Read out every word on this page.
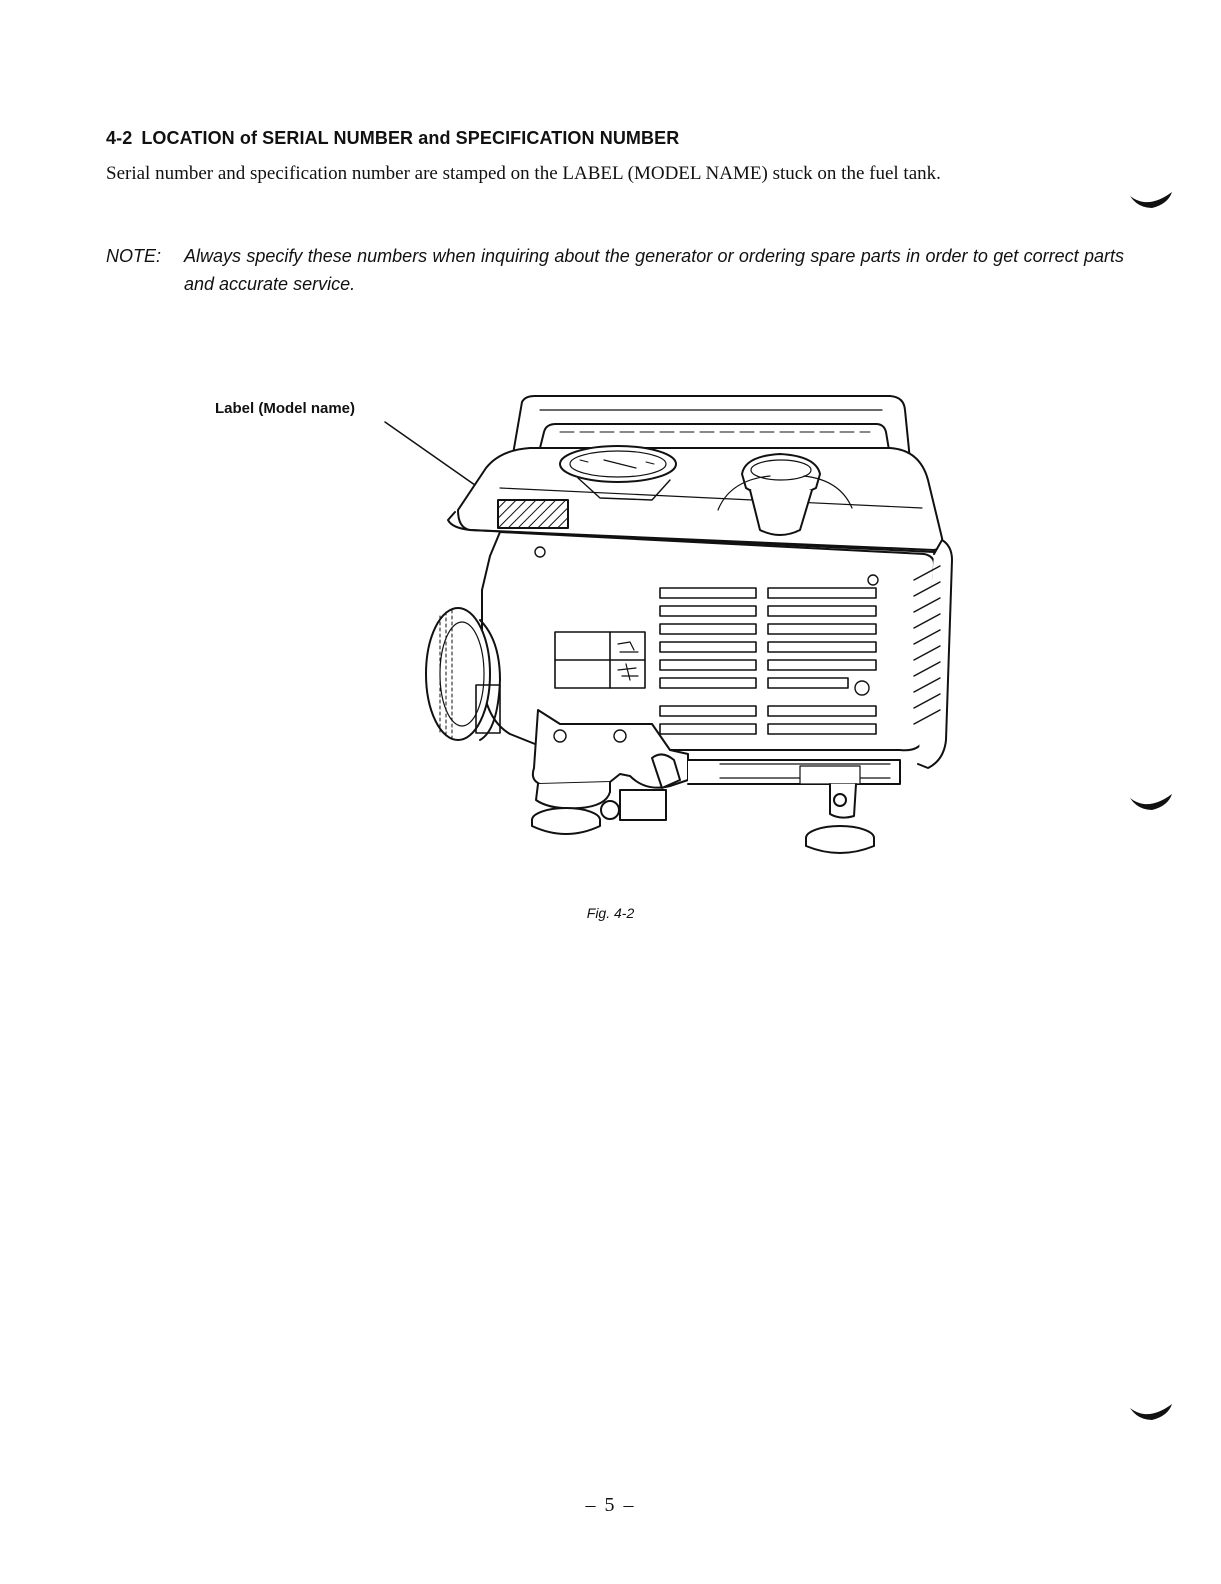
4-2 LOCATION of SERIAL NUMBER and SPECIFICATION NUMBER
Serial number and specification number are stamped on the LABEL (MODEL NAME) stuck on the fuel tank.
NOTE: Always specify these numbers when inquiring about the generator or ordering spare parts in order to get correct parts and accurate service.
Label (Model name)
Fig. 4-2
– 5 –
